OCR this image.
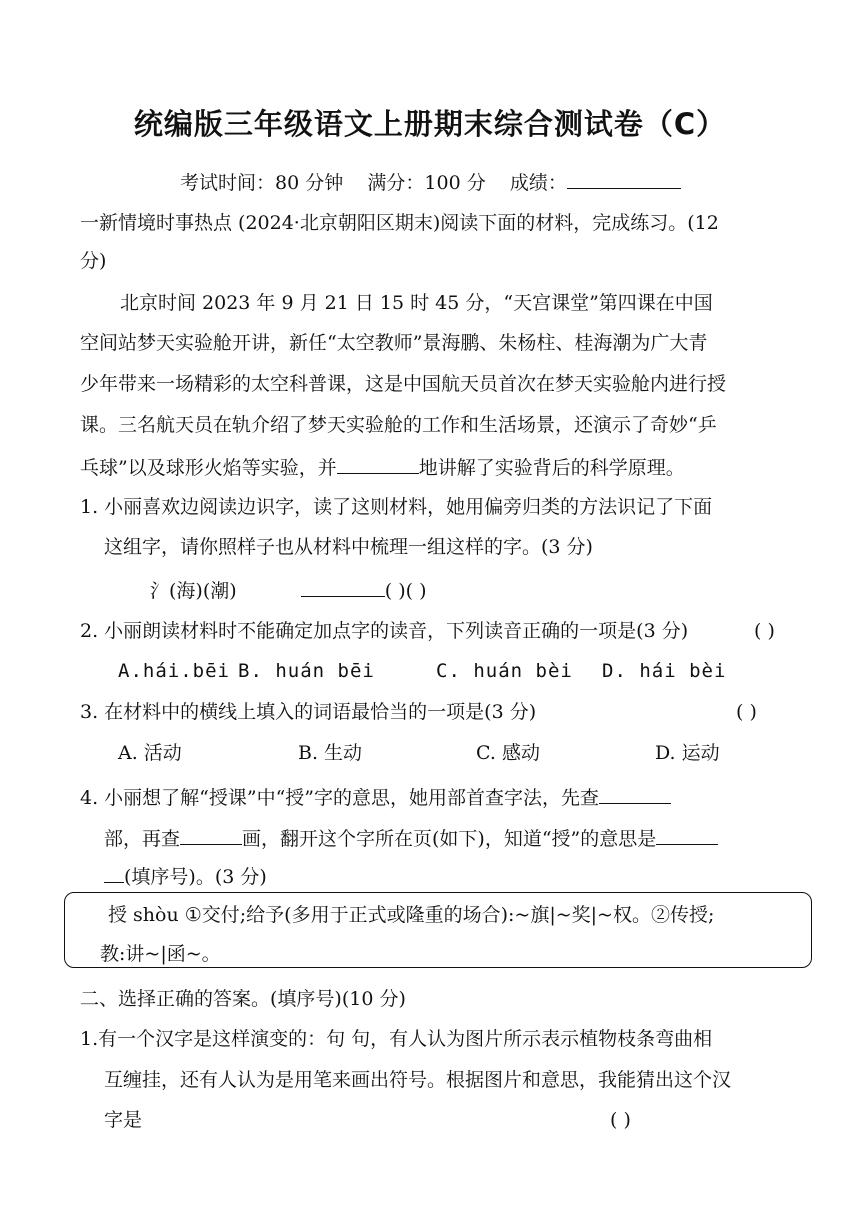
统编版三年级语文上册期末综合测试卷（C）
考试时间：80 分钟 满分：100 分 成绩：
一新情境时事热点 (2024·北京朝阳区期末)阅读下面的材料，完成练习。(12
分)
北京时间 2023 年 9 月 21 日 15 时 45 分，“天宫课堂”第四课在中国
空间站梦天实验舱开讲，新任“太空教师”景海鹏、朱杨柱、桂海潮为广大青
少年带来一场精彩的太空科普课，这是中国航天员首次在梦天实验舱内进行授
课。三名航天员在轨介绍了梦天实验舱的工作和生活场景，还演示了奇妙“乒
乓球”以及球形火焰等实验，并	地讲解了实验背后的科学原理。
1. 小丽喜欢边阅读边识字，读了这则材料，她用偏旁归类的方法识记了下面
这组字，请你照样子也从材料中梳理一组这样的字。(3 分)
氵(海)(潮)	( )( )
2. 小丽朗读材料时不能确定加点字的读音，下列读音正确的一项是(3 分)	( )
A.hái.bēi B. huán bēi	C. huán bèi D. hái bèi
3. 在材料中的横线上填入的词语最恰当的一项是(3 分)	( )
A. 活动	B. 生动	C. 感动	D. 运动
4. 小丽想了解“授课”中“授”字的意思，她用部首查字法，先查
部，再查	画，翻开这个字所在页(如下)，知道“授”的意思是
(填序号)。(3 分)
授 shòu ①交付;给予(多用于正式或隆重的场合):~旗|~奖|~权。②传授;
教:讲~|函~。
二、选择正确的答案。(填序号)(10 分)
1.有一个汉字是这样演变的：句 句，有人认为图片所示表示植物枝条弯曲相
互缠挂，还有人认为是用笔来画出符号。根据图片和意思，我能猜出这个汉
字是	( )
